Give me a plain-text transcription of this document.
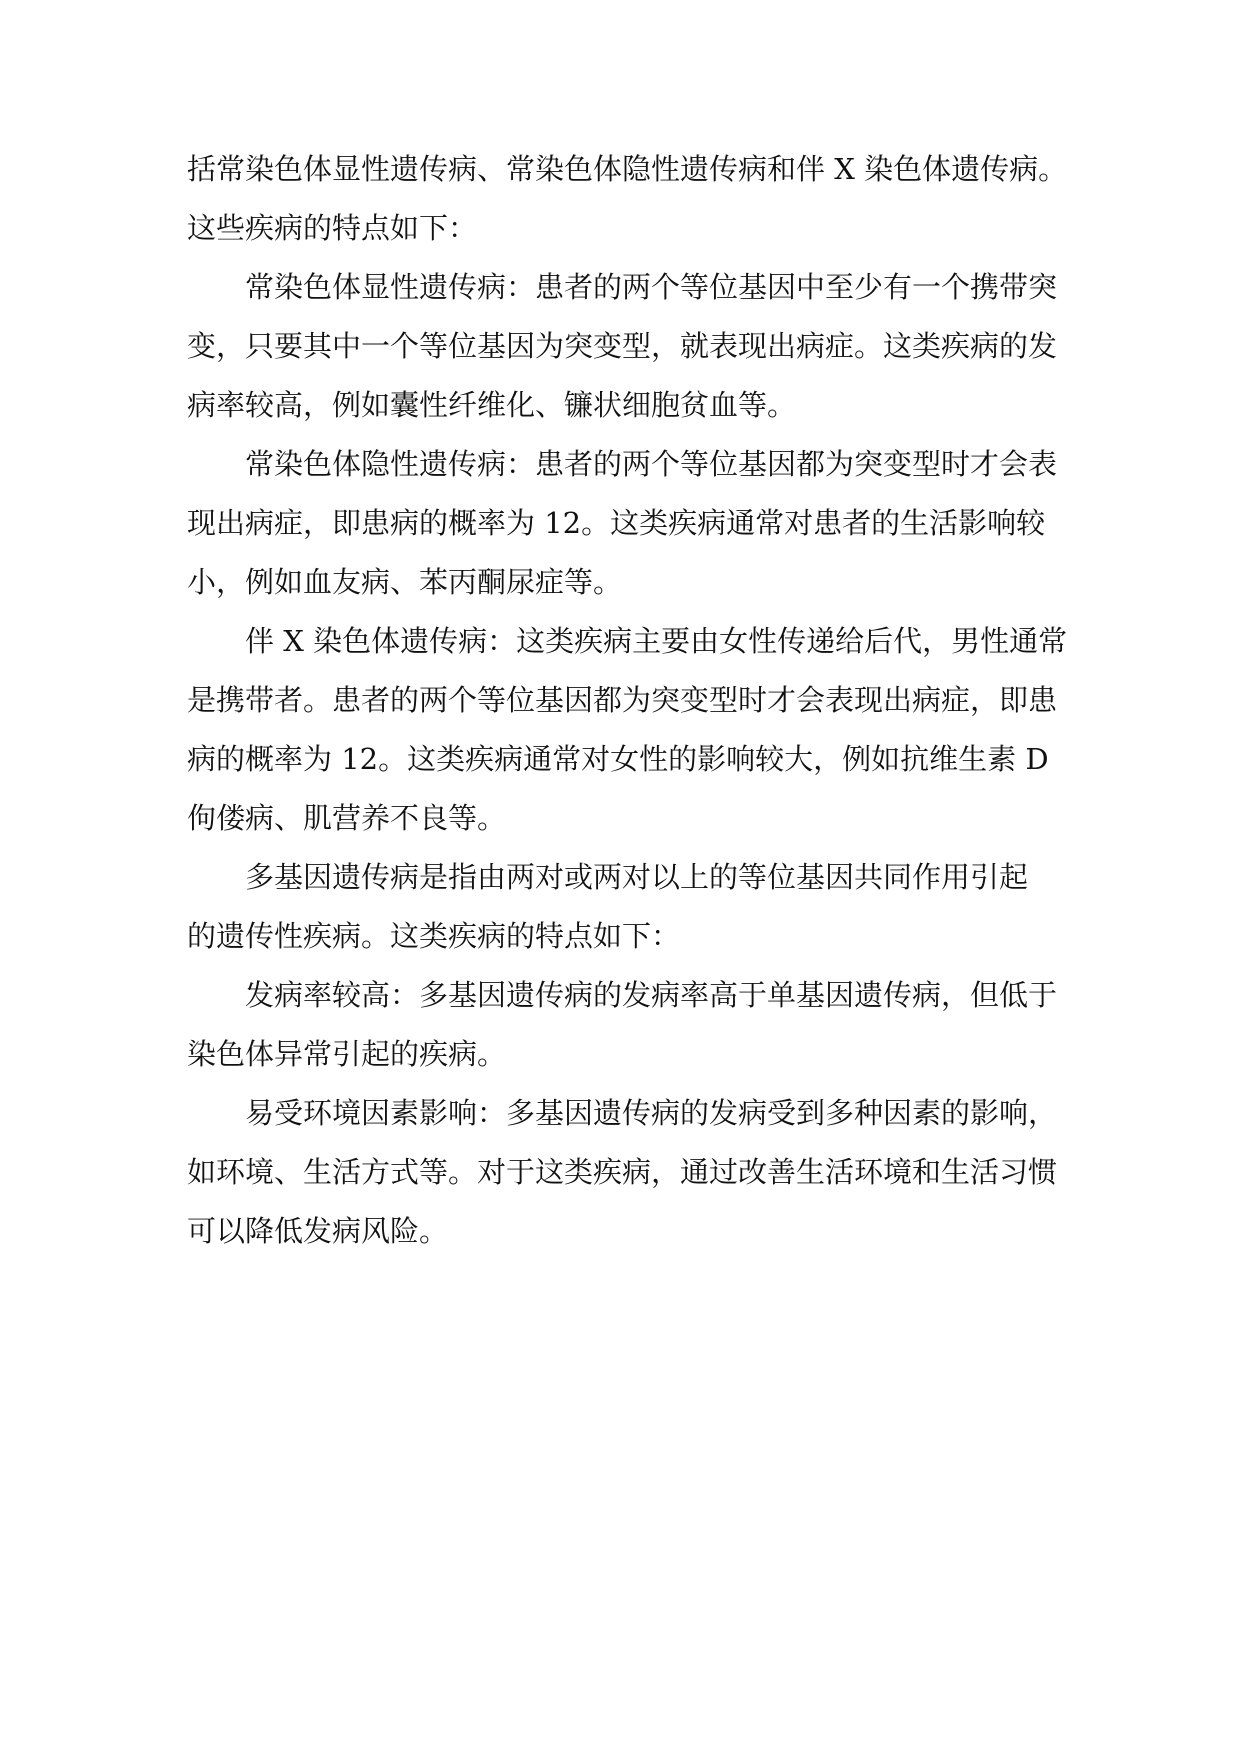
括常染色体显性遗传病、常染色体隐性遗传病和伴 X 染色体遗传病。
这些疾病的特点如下：
常染色体显性遗传病：患者的两个等位基因中至少有一个携带突
变，只要其中一个等位基因为突变型，就表现出病症。这类疾病的发
病率较高，例如囊性纤维化、镰状细胞贫血等。
常染色体隐性遗传病：患者的两个等位基因都为突变型时才会表
现出病症，即患病的概率为 12。这类疾病通常对患者的生活影响较
小，例如血友病、苯丙酮尿症等。
伴 X 染色体遗传病：这类疾病主要由女性传递给后代，男性通常
是携带者。患者的两个等位基因都为突变型时才会表现出病症，即患
病的概率为 12。这类疾病通常对女性的影响较大，例如抗维生素 D
佝偻病、肌营养不良等。
多基因遗传病是指由两对或两对以上的等位基因共同作用引起
的遗传性疾病。这类疾病的特点如下：
发病率较高：多基因遗传病的发病率高于单基因遗传病，但低于
染色体异常引起的疾病。
易受环境因素影响：多基因遗传病的发病受到多种因素的影响，
如环境、生活方式等。对于这类疾病，通过改善生活环境和生活习惯
可以降低发病风险。
